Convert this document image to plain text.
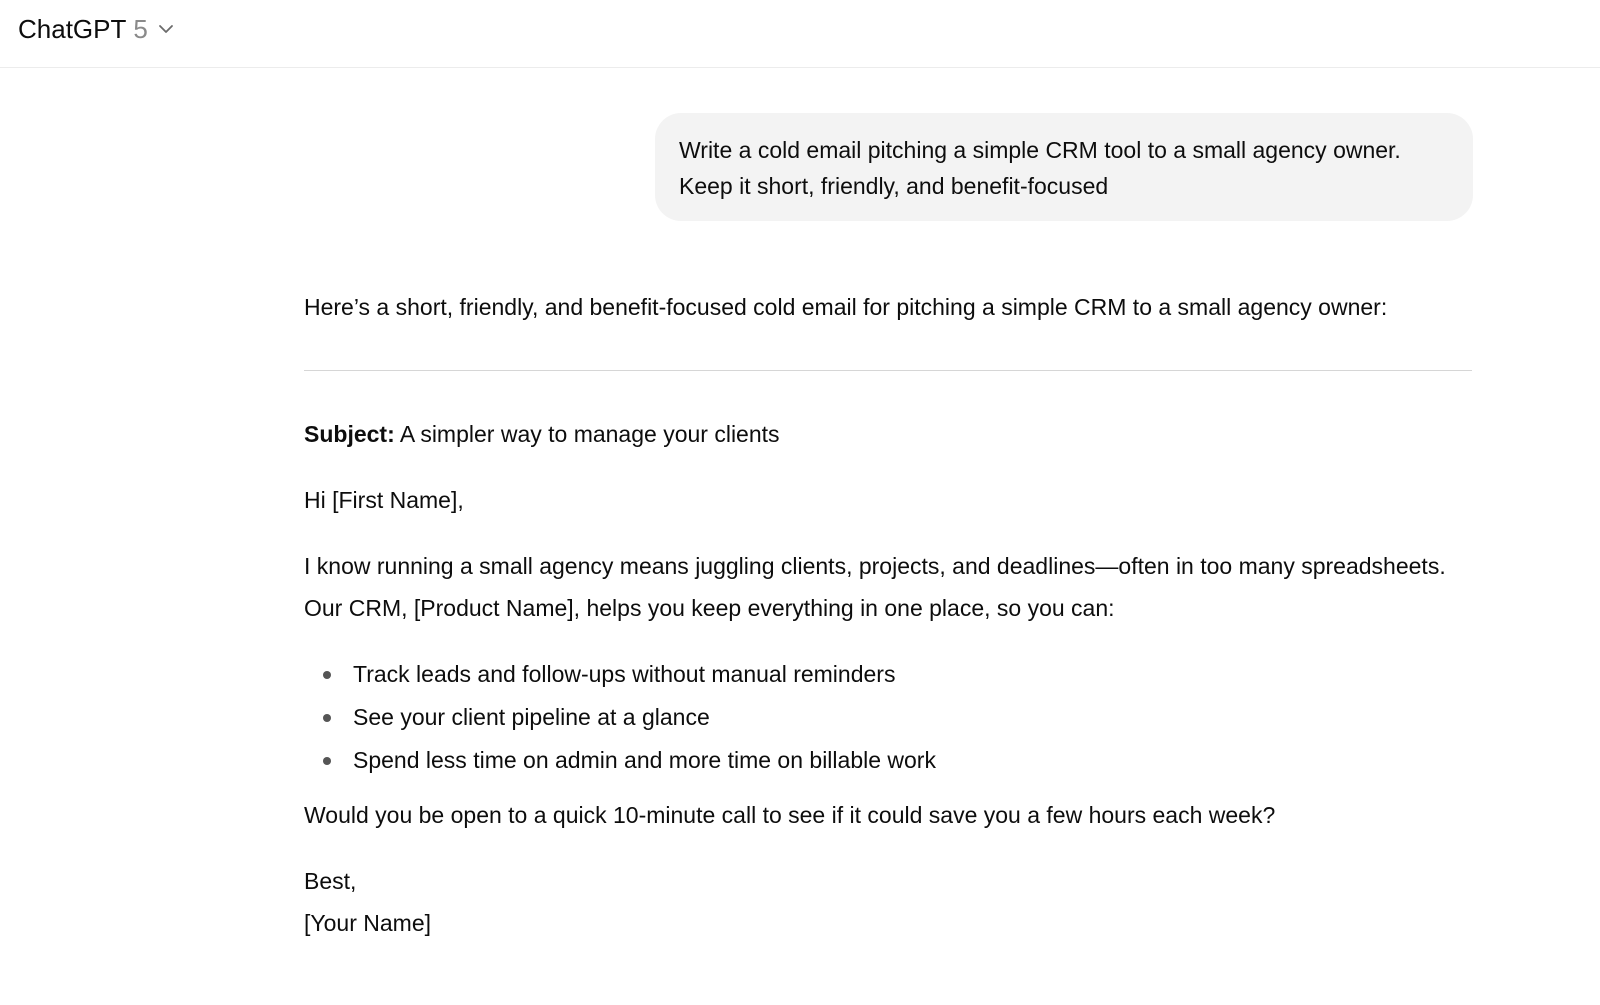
ChatGPT 5
Write a cold email pitching a simple CRM tool to a small agency owner. Keep it short, friendly, and benefit-focused

Here’s a short, friendly, and benefit-focused cold email for pitching a simple CRM to a small agency owner:

Subject: A simpler way to manage your clients

Hi [First Name],

I know running a small agency means juggling clients, projects, and deadlines—often in too many spreadsheets. Our CRM, [Product Name], helps you keep everything in one place, so you can:

Track leads and follow-ups without manual reminders
See your client pipeline at a glance
Spend less time on admin and more time on billable work

Would you be open to a quick 10-minute call to see if it could save you a few hours each week?

Best,
[Your Name]
